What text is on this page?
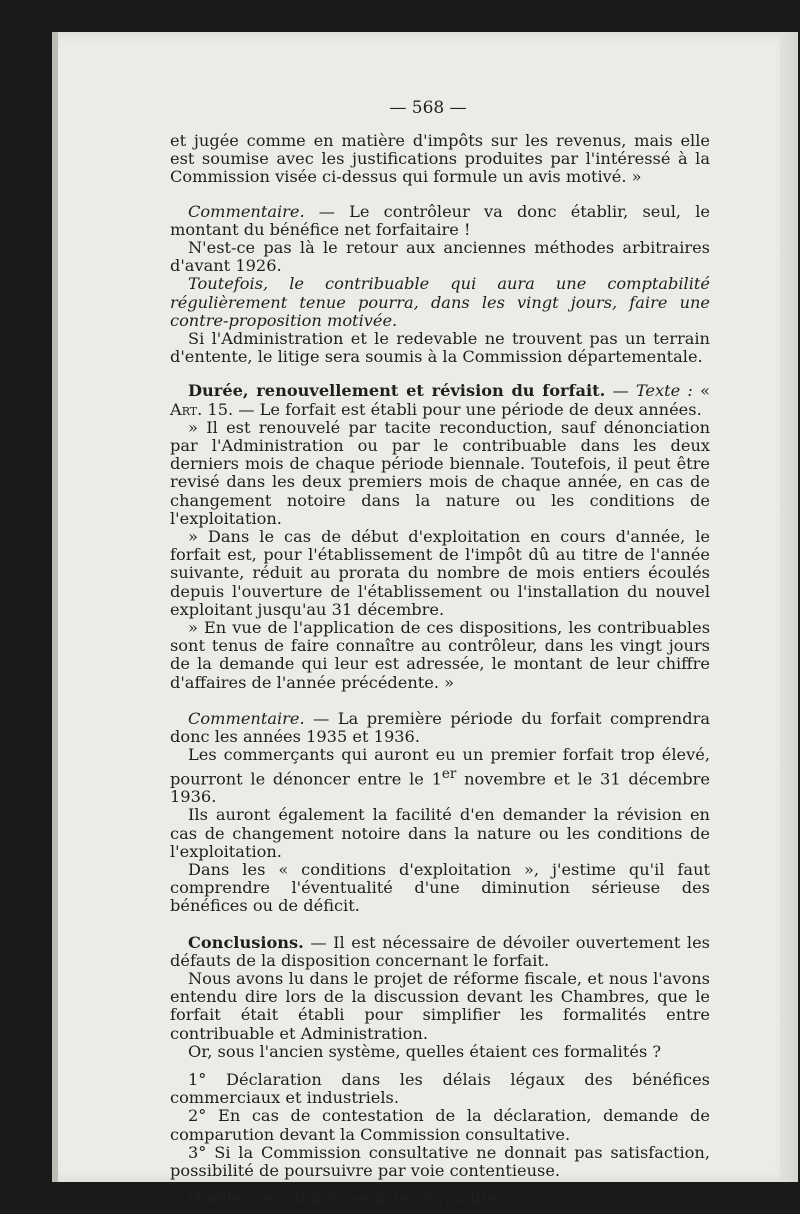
— 568 —

et jugée comme en matière d'impôts sur les revenus, mais elle est soumise avec les justifications produites par l'intéressé à la Commission visée ci-dessus qui formule un avis motivé. »

Commentaire. — Le contrôleur va donc établir, seul, le montant du bénéfice net forfaitaire !

N'est-ce pas là le retour aux anciennes méthodes arbitraires d'avant 1926.

Toutefois, le contribuable qui aura une comptabilité régulièrement tenue pourra, dans les vingt jours, faire une contre-proposition motivée.

Si l'Administration et le redevable ne trouvent pas un terrain d'entente, le litige sera soumis à la Commission départementale.

Durée, renouvellement et révision du forfait. — Texte : « Art. 15. — Le forfait est établi pour une période de deux années.

» Il est renouvelé par tacite reconduction, sauf dénonciation par l'Administration ou par le contribuable dans les deux derniers mois de chaque période biennale. Toutefois, il peut être revisé dans les deux premiers mois de chaque année, en cas de changement notoire dans la nature ou les conditions de l'exploitation.

» Dans le cas de début d'exploitation en cours d'année, le forfait est, pour l'établissement de l'impôt dû au titre de l'année suivante, réduit au prorata du nombre de mois entiers écoulés depuis l'ouverture de l'établissement ou l'installation du nouvel exploitant jusqu'au 31 décembre.

» En vue de l'application de ces dispositions, les contribuables sont tenus de faire connaître au contrôleur, dans les vingt jours de la demande qui leur est adressée, le montant de leur chiffre d'affaires de l'année précédente. »

Commentaire. — La première période du forfait comprendra donc les années 1935 et 1936.

Les commerçants qui auront eu un premier forfait trop élevé, pourront le dénoncer entre le 1er novembre et le 31 décembre 1936.

Ils auront également la facilité d'en demander la révision en cas de changement notoire dans la nature ou les conditions de l'exploitation.

Dans les « conditions d'exploitation », j'estime qu'il faut comprendre l'éventualité d'une diminution sérieuse des bénéfices ou de déficit.

Conclusions. — Il est nécessaire de dévoiler ouvertement les défauts de la disposition concernant le forfait.

Nous avons lu dans le projet de réforme fiscale, et nous l'avons entendu dire lors de la discussion devant les Chambres, que le forfait était établi pour simplifier les formalités entre contribuable et Administration.

Or, sous l'ancien système, quelles étaient ces formalités ?

1° Déclaration dans les délais légaux des bénéfices commerciaux et industriels.

2° En cas de contestation de la déclaration, demande de comparution devant la Commission consultative.

3° Si la Commission consultative ne donnait pas satisfaction, possibilité de poursuivre par voie contentieuse.

Quelles seront à l'avenir les formalités ?
